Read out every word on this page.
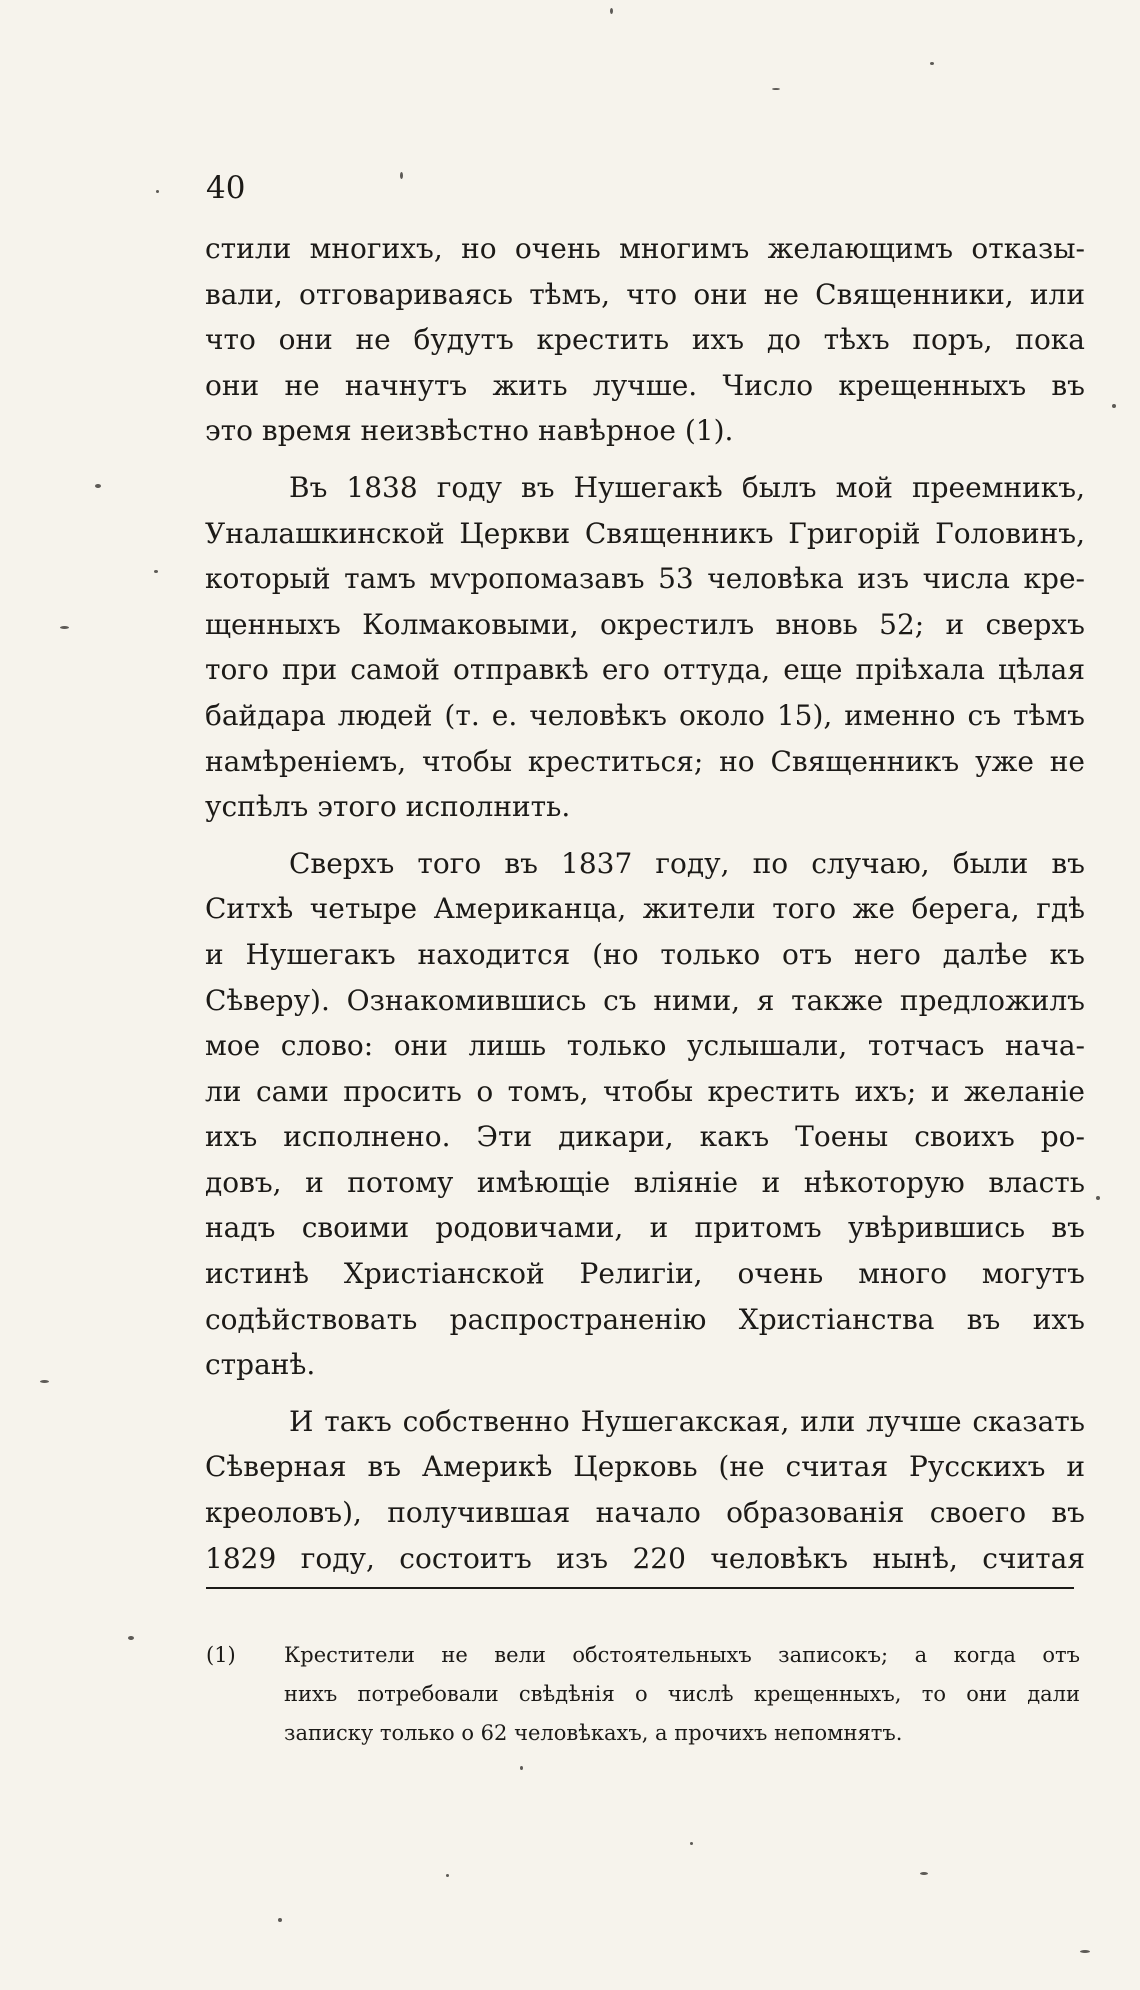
40
стили многихъ, но очень многимъ желающимъ отказы-
вали, отговариваясь тѣмъ, что они не Священники, или
что они не будутъ крестить ихъ до тѣхъ поръ, пока
они не начнутъ жить лучше. Число крещенныхъ въ
это время неизвѣстно навѣрное (1).
Въ 1838 году въ Нушегакѣ былъ мой преемникъ,
Уналашкинской Церкви Священникъ Григорій Головинъ,
который тамъ мѵропомазавъ 53 человѣка изъ числа кре-
щенныхъ Колмаковыми, окрестилъ вновь 52; и сверхъ
того при самой отправкѣ его оттуда, еще пріѣхала цѣлая
байдара людей (т. е. человѣкъ около 15), именно съ тѣмъ
намѣреніемъ, чтобы креститься; но Священникъ уже не
успѣлъ этого исполнить.
Сверхъ того въ 1837 году, по случаю, были въ
Ситхѣ четыре Американца, жители того же берега, гдѣ
и Нушегакъ находится (но только отъ него далѣе къ
Сѣверу). Ознакомившись съ ними, я также предложилъ
мое слово: они лишь только услышали, тотчасъ нача-
ли сами просить о томъ, чтобы крестить ихъ; и желаніе
ихъ исполнено. Эти дикари, какъ Тоены своихъ ро-
довъ, и потому имѣющіе вліяніе и нѣкоторую власть
надъ своими родовичами, и притомъ увѣрившись въ
истинѣ Христіанской Религіи, очень много могутъ
содѣйствовать распространенію Христіанства въ ихъ
странѣ.
И такъ собственно Нушегакская, или лучше сказать
Сѣверная въ Америкѣ Церковь (не считая Русскихъ и
креоловъ), получившая начало образованія своего въ
1829 году, состоитъ изъ 220 человѣкъ нынѣ, считая
(1)	Крестители не вели обстоятельныхъ записокъ; а когда отъ
нихъ потребовали свѣдѣнія о числѣ крещенныхъ, то они дали
записку только о 62 человѣкахъ, а прочихъ непомнятъ.
